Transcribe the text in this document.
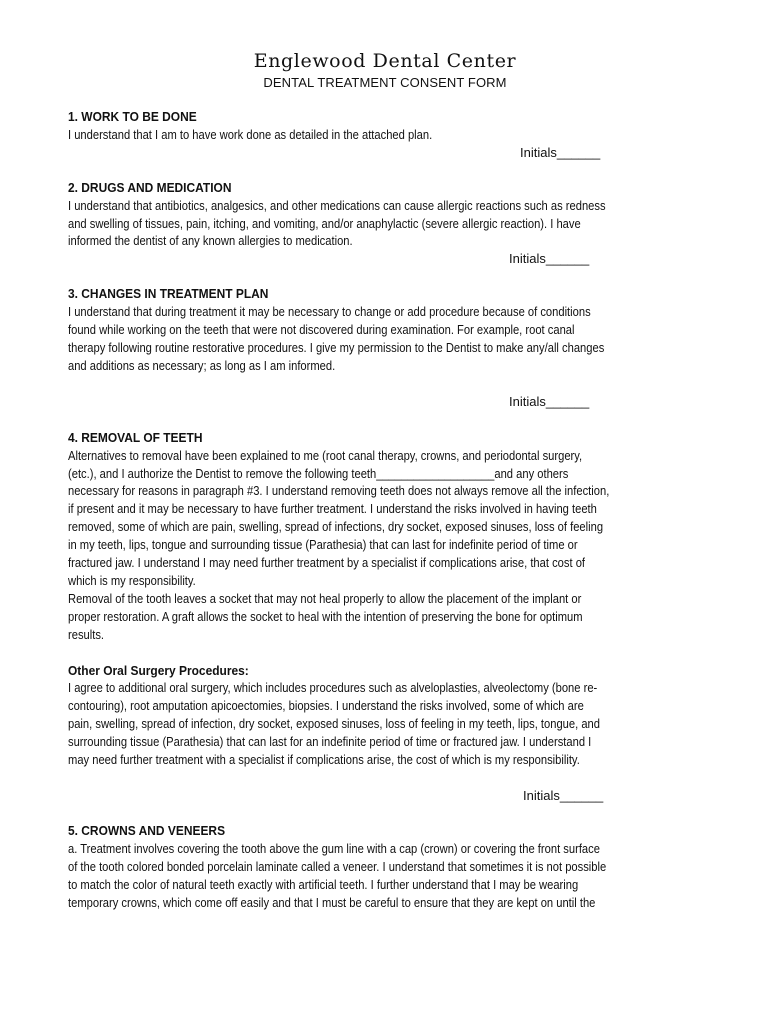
Englewood Dental Center
DENTAL TREATMENT CONSENT FORM
1. WORK TO BE DONE
I understand that I am to have work done as detailed in the attached plan.
Initials______
2. DRUGS AND MEDICATION
I understand that antibiotics, analgesics, and other medications can cause allergic reactions such as redness
and swelling of tissues, pain, itching, and vomiting, and/or anaphylactic (severe allergic reaction). I have
informed the dentist of any known allergies to medication.
Initials______
3. CHANGES IN TREATMENT PLAN
I understand that during treatment it may be necessary to change or add procedure because of conditions
found while working on the teeth that were not discovered during examination. For example, root canal
therapy following routine restorative procedures. I give my permission to the Dentist to make any/all changes
and additions as necessary; as long as I am informed.
Initials______
4. REMOVAL OF TEETH
Alternatives to removal have been explained to me (root canal therapy, crowns, and periodontal surgery,
(etc.), and I authorize the Dentist to remove the following teeth___________________and any others
necessary for reasons in paragraph #3. I understand removing teeth does not always remove all the infection,
if present and it may be necessary to have further treatment. I understand the risks involved in having teeth
removed, some of which are pain, swelling, spread of infections, dry socket, exposed sinuses, loss of feeling
in my teeth, lips, tongue and surrounding tissue (Parathesia) that can last for indefinite period of time or
fractured jaw. I understand I may need further treatment by a specialist if complications arise, that cost of
which is my responsibility.
Removal of the tooth leaves a socket that may not heal properly to allow the placement of the implant or
proper restoration. A graft allows the socket to heal with the intention of preserving the bone for optimum
results.
Other Oral Surgery Procedures:
I agree to additional oral surgery, which includes procedures such as alveloplasties, alveolectomy (bone re-
contouring), root amputation apicoectomies, biopsies. I understand the risks involved, some of which are
pain, swelling, spread of infection, dry socket, exposed sinuses, loss of feeling in my teeth, lips, tongue, and
surrounding tissue (Parathesia) that can last for an indefinite period of time or fractured jaw. I understand I
may need further treatment with a specialist if complications arise, the cost of which is my responsibility.
Initials______
5. CROWNS AND VENEERS
a. Treatment involves covering the tooth above the gum line with a cap (crown) or covering the front surface
of the tooth colored bonded porcelain laminate called a veneer. I understand that sometimes it is not possible
to match the color of natural teeth exactly with artificial teeth. I further understand that I may be wearing
temporary crowns, which come off easily and that I must be careful to ensure that they are kept on until the
